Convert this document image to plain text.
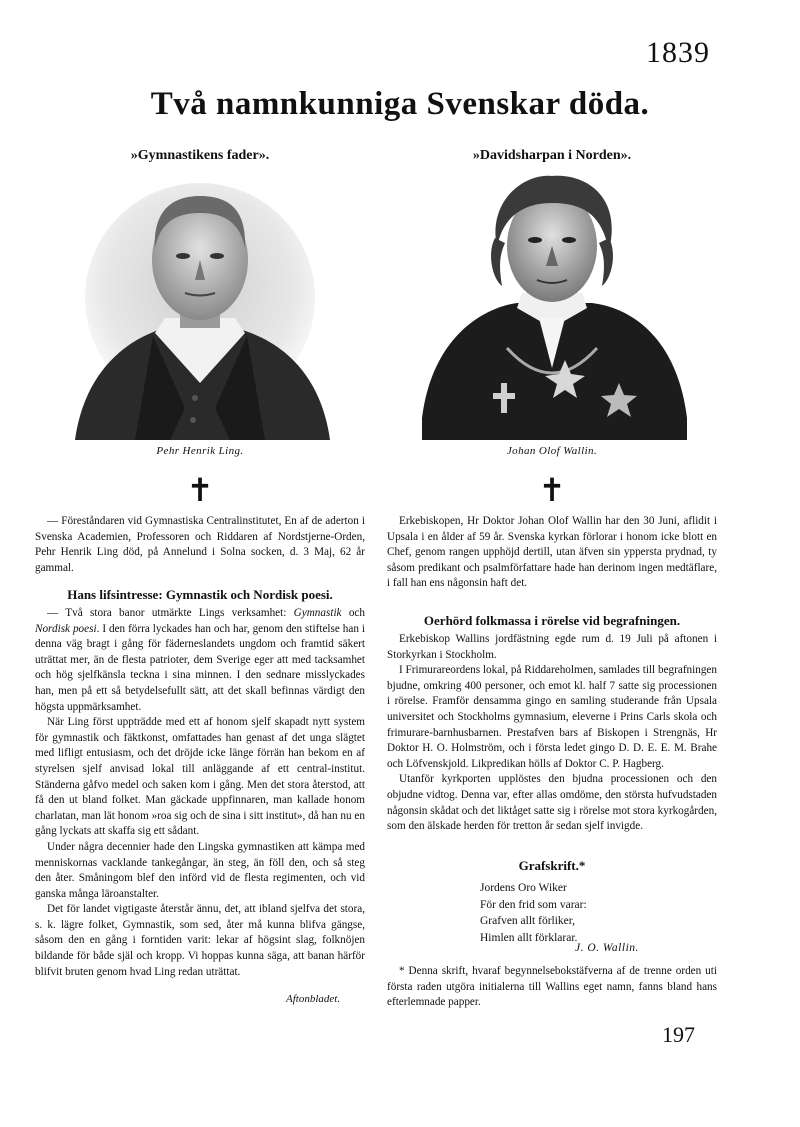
1839
Två namnkunniga Svenskar döda.
»Gymnastikens fader».
Pehr Henrik Ling.
✝

— Föreståndaren vid Gymnastiska Centralinstitutet, En af de aderton i Svenska Academien, Professoren och Riddaren af Nordstjerne-Orden, Pehr Henrik Ling död, på Annelund i Solna socken, d. 3 Maj, 62 år gammal.

Hans lifsintresse: Gymnastik och Nordisk poesi.

— Två stora banor utmärkte Lings verksamhet: Gymnastik och Nordisk poesi. I den förra lyckades han och har, genom den stiftelse han i denna väg bragt i gång för fäderneslandets ungdom och framtid säkert uträttat mer, än de flesta patrioter, dem Sverige eger att med tacksamhet och hög sjelfkänsla teckna i sina minnen. I den sednare misslyckades han, men på ett så betydelsefullt sätt, att det skall befinnas värdigt den högsta uppmärksamhet.

När Ling först uppträdde med ett af honom sjelf skapadt nytt system för gymnastik och fäktkonst, omfattades han genast af det unga slägtet med lifligt entusiasm, och det dröjde icke länge förrän han bekom en af styrelsen sjelf anvisad lokal till anläggande af ett central-institut. Ständerna gåfvo medel och saken kom i gång. Men det stora återstod, att få den ut bland folket. Man gäckade uppfinnaren, man kallade honom charlatan, man lät honom »roa sig och de sina i sitt institut», då han nu en gång lyckats att skaffa sig ett sådant.

Under några decennier hade den Lingska gymnastiken att kämpa med menniskornas vacklande tankegångar, än steg, än föll den, och så steg den åter. Småningom blef den införd vid de flesta regimenten, och vid ganska många läroanstalter.

Det för landet vigtigaste återstår ännu, det, att ibland sjelfva det stora, s. k. lägre folket, Gymnastik, som sed, åter må kunna blifva gängse, såsom den en gång i forntiden varit: lekar af högsint slag, folknöjen bildande för både själ och kropp. Vi hoppas kunna säga, att banan härför blifvit bruten genom hvad Ling redan uträttat.

Aftonbladet.
»Davidsharpan i Norden».
Johan Olof Wallin.
✝

Erkebiskopen, Hr Doktor Johan Olof Wallin har den 30 Juni, aflidit i Upsala i en ålder af 59 år. Svenska kyrkan förlorar i honom icke blott en Chef, genom rangen upphöjd dertill, utan äfven sin yppersta prydnad, ty såsom predikant och psalmförfattare hade han derinom ingen medtäflare, i fall han ens någonsin haft det.

Oerhörd folkmassa i rörelse vid begrafningen.

Erkebiskop Wallins jordfästning egde rum d. 19 Juli på aftonen i Storkyrkan i Stockholm.

I Frimurareordens lokal, på Riddareholmen, samlades till begrafningen bjudne, omkring 400 personer, och emot kl. half 7 satte sig processionen i rörelse. Framför densamma gingo en samling studerande från Upsala universitet och Stockholms gymnasium, eleverne i Prins Carls skola och frimurare-barnhusbarnen. Prestafven bars af Biskopen i Strengnäs, Hr Doktor H. O. Holmström, och i första ledet gingo D. D. E. E. M. Brahe och Löfvenskjold. Likpredikan hölls af Doktor C. P. Hagberg.

Utanför kyrkporten upplöstes den bjudna processionen och den objudne vidtog. Denna var, efter allas omdöme, den största hufvudstaden någonsin skådat och det liktåget satte sig i rörelse mot stora kyrkogården, som den älskade herden för tretton år sedan sjelf invigde.

Grafskrift.*
Jordens Oro Wiker
För den frid som varar:
Grafven allt förliker,
Himlen allt förklarar.
J. O. Wallin.

* Denna skrift, hvaraf begynnelsebokstäfverna af de trenne orden uti första raden utgöra initialerna till Wallins eget namn, fanns bland hans efterlemnade papper.

197
